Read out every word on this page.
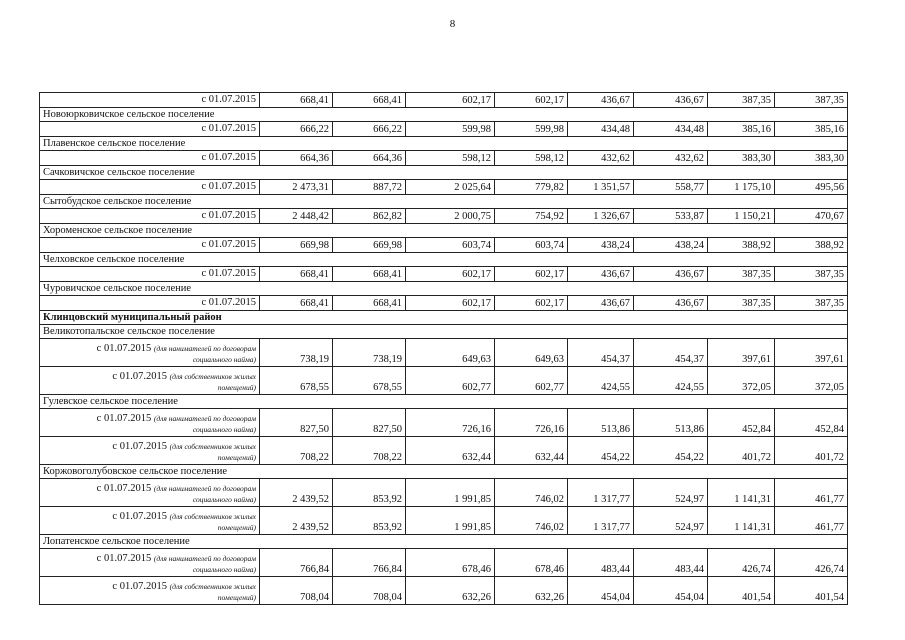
8
с 01.07.2015	668,41	668,41	602,17	602,17	436,67	436,67	387,35	387,35
Новоюрковичское сельское поселение								
с 01.07.2015	666,22	666,22	599,98	599,98	434,48	434,48	385,16	385,16
Плавенское сельское поселение								
с 01.07.2015	664,36	664,36	598,12	598,12	432,62	432,62	383,30	383,30
Сачковичское сельское поселение								
с 01.07.2015	2 473,31	887,72	2 025,64	779,82	1 351,57	558,77	1 175,10	495,56
Сытобудское сельское поселение								
с 01.07.2015	2 448,42	862,82	2 000,75	754,92	1 326,67	533,87	1 150,21	470,67
Хороменское сельское поселение								
с 01.07.2015	669,98	669,98	603,74	603,74	438,24	438,24	388,92	388,92
Челховское сельское поселение								
с 01.07.2015	668,41	668,41	602,17	602,17	436,67	436,67	387,35	387,35
Чуровичское сельское поселение								
с 01.07.2015	668,41	668,41	602,17	602,17	436,67	436,67	387,35	387,35
Клинцовский муниципальный район								
Великотопальское сельское поселение								

с 01.07.2015 (для нанимателей по договорам
социального найма)	738,19	738,19	649,63	649,63	454,37	454,37	397,61	397,61

с 01.07.2015 (для собственников жилых
помещений)	678,55	678,55	602,77	602,77	424,55	424,55	372,05	372,05
Гулевское сельское поселение								

с 01.07.2015 (для нанимателей по договорам
социального найма)	827,50	827,50	726,16	726,16	513,86	513,86	452,84	452,84

с 01.07.2015 (для собственников жилых
помещений)	708,22	708,22	632,44	632,44	454,22	454,22	401,72	401,72
Коржовоголубовское сельское поселение								

с 01.07.2015 (для нанимателей по договорам
социального найма)	2 439,52	853,92	1 991,85	746,02	1 317,77	524,97	1 141,31	461,77

с 01.07.2015 (для собственников жилых
помещений)	2 439,52	853,92	1 991,85	746,02	1 317,77	524,97	1 141,31	461,77
Лопатенское сельское поселение								

с 01.07.2015 (для нанимателей по договорам
социального найма)	766,84	766,84	678,46	678,46	483,44	483,44	426,74	426,74

с 01.07.2015 (для собственников жилых
помещений)	708,04	708,04	632,26	632,26	454,04	454,04	401,54	401,54
